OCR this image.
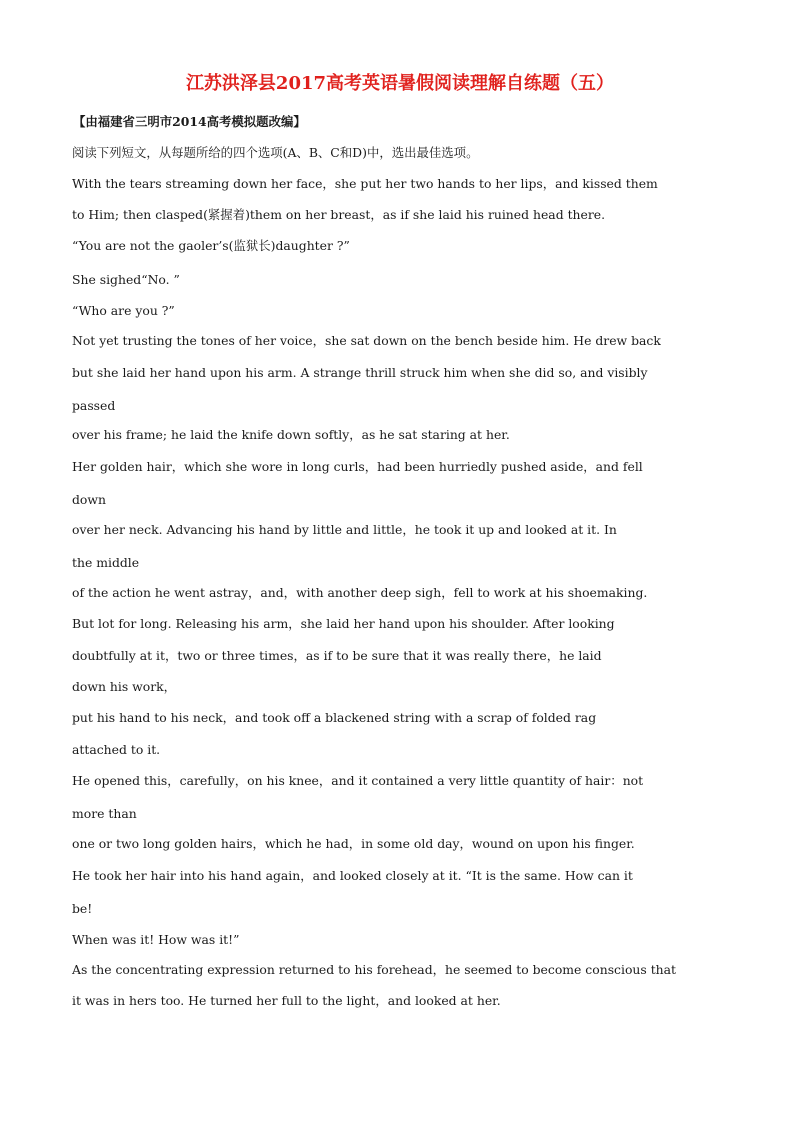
江苏洪泽县2017高考英语暑假阅读理解自练题（五）
【由福建省三明市2014高考模拟题改编】
阅读下列短文，从每题所给的四个选项(A、B、C和D)中，选出最佳选项。
With the tears streaming down her face，she put her two hands to her lips，and kissed them
to Him; then clasped(紧握着)them on her breast，as if she laid his ruined head there.
“You are not the gaoler’s(监狱长)daughter ?”
She sighed“No. ”
“Who are you ?”
Not yet trusting the tones of her voice，she sat down on the bench beside him. He drew back
but she laid her hand upon his arm. A strange thrill struck him when she did so, and visibly
passed
over his frame; he laid the knife down softly，as he sat staring at her.
Her golden hair，which she wore in long curls，had been hurriedly pushed aside，and fell
down
over her neck. Advancing his hand by little and little，he took it up and looked at it. In
the middle
of the action he went astray，and，with another deep sigh，fell to work at his shoemaking.
But lot for long. Releasing his arm，she laid her hand upon his shoulder. After looking
doubtfully at it，two or three times，as if to be sure that it was really there，he laid
down his work，
put his hand to his neck，and took off a blackened string with a scrap of folded rag
attached to it.
He opened this，carefully，on his knee，and it contained a very little quantity of hair：not
more than
one or two long golden hairs，which he had，in some old day，wound on upon his finger.
He took her hair into his hand again，and looked closely at it. “It is the same. How can it
be!
When was it! How was it!”
As the concentrating expression returned to his forehead，he seemed to become conscious that
it was in hers too. He turned her full to the light，and looked at her.
